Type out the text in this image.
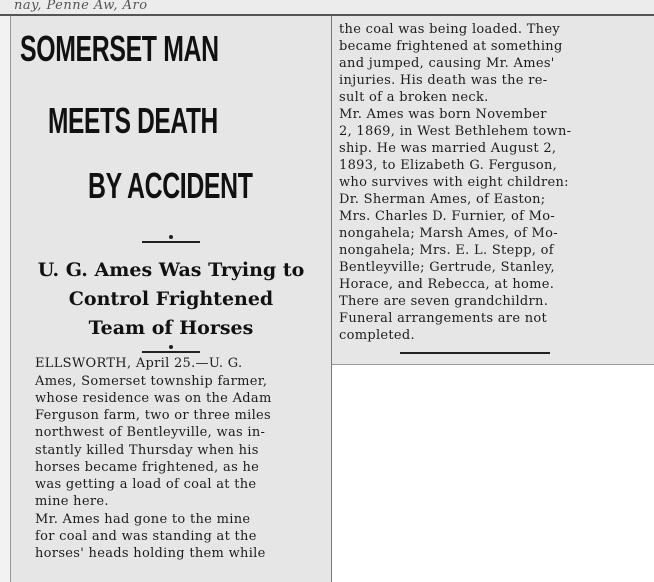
nay, Penne Aw, Aro
SOMERSET MAN
MEETS DEATH
BY ACCIDENT
U. G. Ames Was Trying to
Control Frightened
Team of Horses
ELLSWORTH, April 25.—U. G.
Ames, Somerset township farmer,
whose residence was on the Adam
Ferguson farm, two or three miles
northwest of Bentleyville, was in-
stantly killed Thursday when his
horses became frightened, as he
was getting a load of coal at the
mine here.
Mr. Ames had gone to the mine
for coal and was standing at the
horses' heads holding them while
the coal was being loaded. They
became frightened at something
and jumped, causing Mr. Ames'
injuries. His death was the re-
sult of a broken neck.
Mr. Ames was born November
2, 1869, in West Bethlehem town-
ship. He was married August 2,
1893, to Elizabeth G. Ferguson,
who survives with eight children:
Dr. Sherman Ames, of Easton;
Mrs. Charles D. Furnier, of Mo-
nongahela; Marsh Ames, of Mo-
nongahela; Mrs. E. L. Stepp, of
Bentleyville; Gertrude, Stanley,
Horace, and Rebecca, at home.
There are seven grandchildrn.
Funeral arrangements are not
completed.
